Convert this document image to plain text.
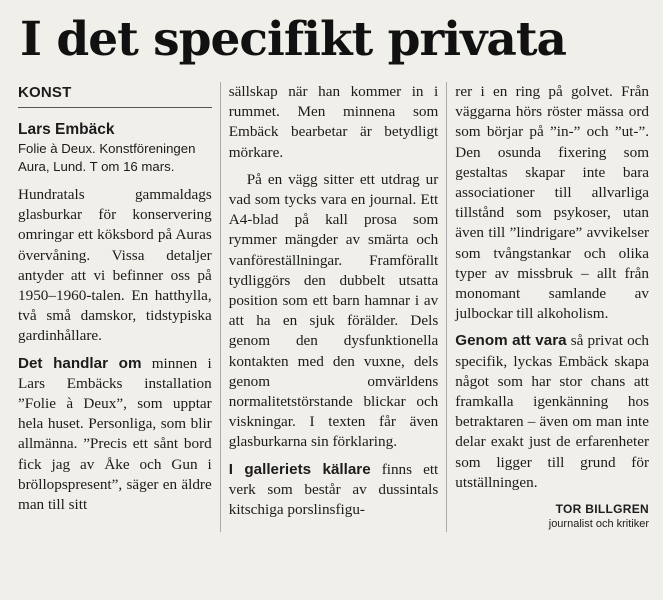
I det specifikt privata
KONST
Lars Embäck
Folie à Deux. Konstföreningen Aura, Lund. T om 16 mars.

Hundratals gammaldags glasburkar för konservering omringar ett köksbord på Auras övervåning. Vissa detaljer antyder att vi befinner oss på 1950–1960-talen. En hatthylla, två små damskor, tidstypiska gardinhållare.

Det handlar om minnen i Lars Embäcks installation ”Folie à Deux”, som upptar hela huset. Personliga, som blir allmänna. ”Precis ett sånt bord fick jag av Åke och Gun i bröllopspresent”, säger en äldre man till sitt

sällskap när han kommer in i rummet. Men minnena som Embäck bearbetar är betydligt mörkare.

På en vägg sitter ett utdrag ur vad som tycks vara en journal. Ett A4-blad på kall prosa som rymmer mängder av smärta och vanföreställningar. Framförallt tydliggörs den dubbelt utsatta position som ett barn hamnar i av att ha en sjuk förälder. Dels genom den dysfunktionella kontakten med den vuxne, dels genom omvärldens normalitetstörstande blickar och viskningar. I texten får även glasburkarna sin förklaring.

I galleriets källare finns ett verk som består av dussintals kitschiga porslinsfigu-

rer i en ring på golvet. Från väggarna hörs röster mässa ord som börjar på ”in-” och ”ut-”. Den osunda fixering som gestaltas skapar inte bara associationer till allvarliga tillstånd som psykoser, utan även till ”lindrigare” avvikelser som tvångstankar och olika typer av missbruk – allt från monomant samlande av julbockar till alkoholism.

Genom att vara så privat och specifik, lyckas Embäck skapa något som har stor chans att framkalla igenkänning hos betraktaren – även om man inte delar exakt just de erfarenheter som ligger till grund för utställningen.

TOR BILLGREN
journalist och kritiker
